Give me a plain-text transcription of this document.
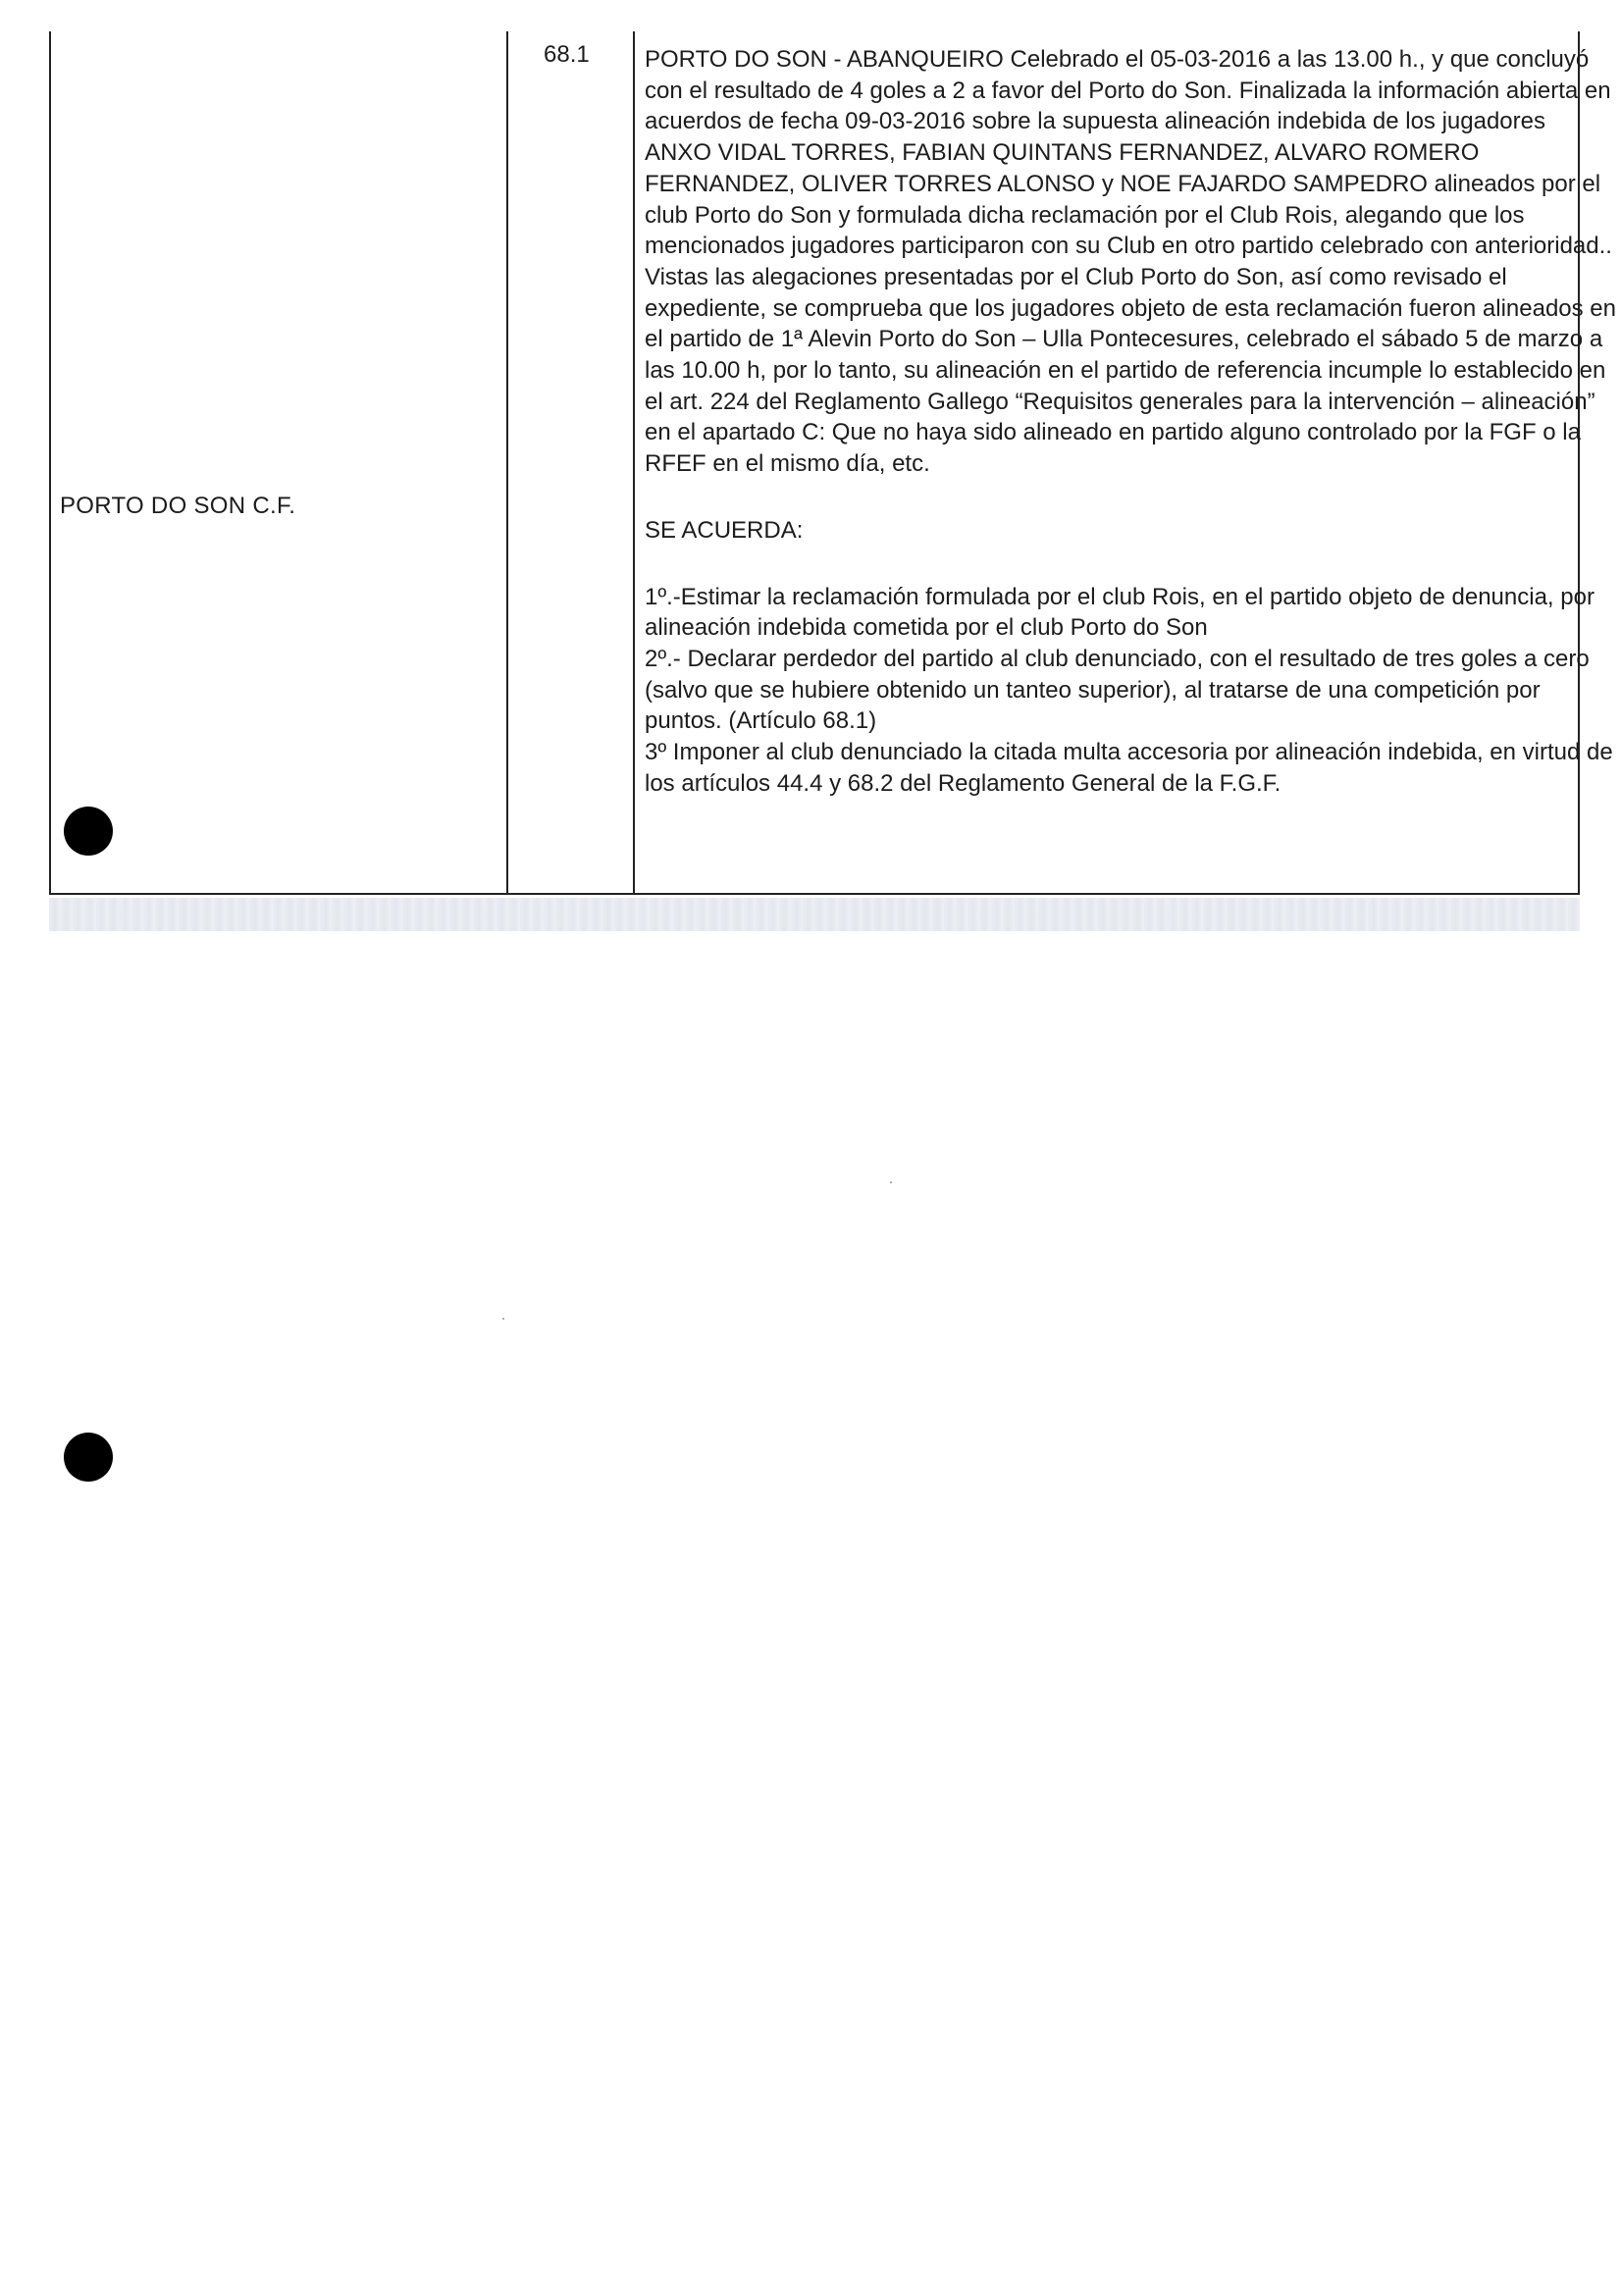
PORTO DO SON C.F.
68.1 PORTO DO SON - ABANQUEIRO Celebrado el 05-03-2016 a las 13.00 h., y que concluyó con el resultado de 4 goles a 2 a favor del Porto do Son. Finalizada la información abierta en acuerdos de fecha 09-03-2016 sobre la supuesta alineación indebida de los jugadores ANXO VIDAL TORRES, FABIAN QUINTANS FERNANDEZ, ALVARO ROMERO FERNANDEZ, OLIVER TORRES ALONSO y NOE FAJARDO SAMPEDRO alineados por el club Porto do Son y formulada dicha reclamación por el Club Rois, alegando que los mencionados jugadores participaron con su Club en otro partido celebrado con anterioridad.. Vistas las alegaciones presentadas por el Club Porto do Son, así como revisado el expediente, se comprueba que los jugadores objeto de esta reclamación fueron alineados en el partido de 1ª Alevin Porto do Son – Ulla Pontecesures, celebrado el sábado 5 de marzo a las 10.00 h, por lo tanto, su alineación en el partido de referencia incumple lo establecido en el art. 224 del Reglamento Gallego “Requisitos generales para la intervención – alineación” en el apartado C: Que no haya sido alineado en partido alguno controlado por la FGF o la RFEF en el mismo día, etc.

SE ACUERDA:

1º.-Estimar la reclamación formulada por el club Rois, en el partido objeto de denuncia, por alineación indebida cometida por el club Porto do Son

2º.- Declarar perdedor del partido al club denunciado, con el resultado de tres goles a cero (salvo que se hubiere obtenido un tanteo superior), al tratarse de una competición por puntos. (Artículo 68.1)

3º Imponer al club denunciado la citada multa accesoria por alineación indebida, en virtud de los artículos 44.4 y 68.2 del Reglamento General de la F.G.F.
